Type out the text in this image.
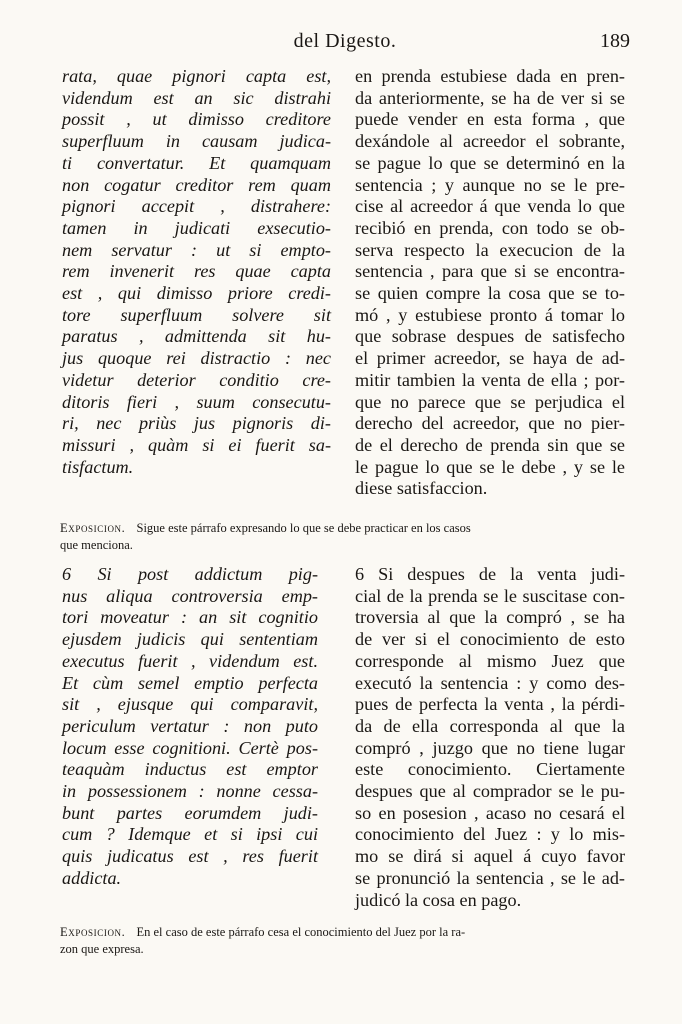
del Digesto.	189
rata, quae pignori capta est,
videndum est an sic distrahi
possit , ut dimisso creditore
superfluum in causam judica-
ti convertatur. Et quamquam
non cogatur creditor rem quam
pignori accepit , distrahere:
tamen in judicati exsecutio-
nem servatur : ut si empto-
rem invenerit res quae capta
est , qui dimisso priore credi-
tore superfluum solvere sit
paratus , admittenda sit hu-
jus quoque rei distractio : nec
videtur deterior conditio cre-
ditoris fieri , suum consecutu-
ri, nec priùs jus pignoris di-
missuri , quàm si ei fuerit sa-
tisfactum.
en prenda estubiese dada en pren-
da anteriormente, se ha de ver si se
puede vender en esta forma , que
dexándole al acreedor el sobrante,
se pague lo que se determinó en la
sentencia ; y aunque no se le pre-
cise al acreedor á que venda lo que
recibió en prenda, con todo se ob-
serva respecto la execucion de la
sentencia , para que si se encontra-
se quien compre la cosa que se to-
mó , y estubiese pronto á tomar lo
que sobrase despues de satisfecho
el primer acreedor, se haya de ad-
mitir tambien la venta de ella ; por-
que no parece que se perjudica el
derecho del acreedor, que no pier-
de el derecho de prenda sin que se
le pague lo que se le debe , y se le
diese satisfaccion.
Exposicion. Sigue este párrafo expresando lo que se debe practicar en los casos
que menciona.
6 Si post addictum pig-
nus aliqua controversia emp-
tori moveatur : an sit cognitio
ejusdem judicis qui sententiam
executus fuerit , videndum est.
Et cùm semel emptio perfecta
sit , ejusque qui comparavit,
periculum vertatur : non puto
locum esse cognitioni. Certè pos-
teaquàm inductus est emptor
in possessionem : nonne cessa-
bunt partes eorumdem judi-
cum ? Idemque et si ipsi cui
quis judicatus est , res fuerit
addicta.
6 Si despues de la venta judi-
cial de la prenda se le suscitase con-
troversia al que la compró , se ha
de ver si el conocimiento de esto
corresponde al mismo Juez que
executó la sentencia : y como des-
pues de perfecta la venta , la pérdi-
da de ella corresponda al que la
compró , juzgo que no tiene lugar
este conocimiento. Ciertamente
despues que al comprador se le pu-
so en posesion , acaso no cesará el
conocimiento del Juez : y lo mis-
mo se dirá si aquel á cuyo favor
se pronunció la sentencia , se le ad-
judicó la cosa en pago.
Exposicion. En el caso de este párrafo cesa el conocimiento del Juez por la ra-
zon que expresa.
